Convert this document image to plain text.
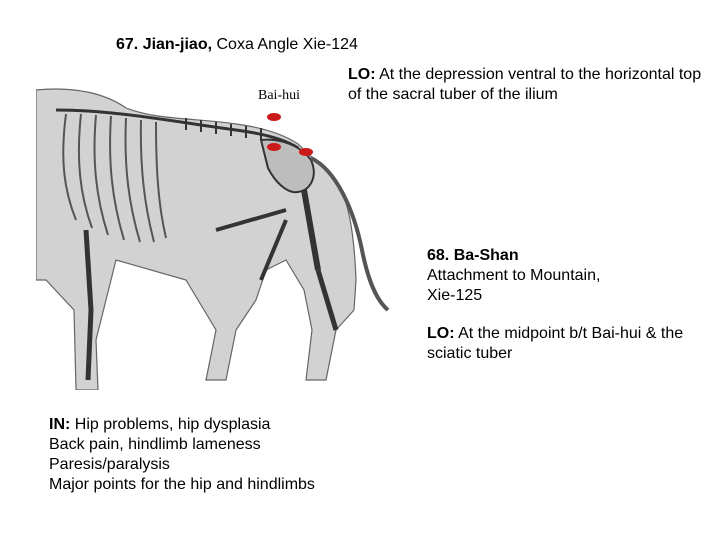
67. Jian-jiao, Coxa Angle Xie-124
LO: At the depression ventral to the horizontal top of the sacral tuber of the ilium
Bai-hui
68. Ba-Shan
Attachment to Mountain,
Xie-125
LO: At the midpoint b/t Bai-hui & the sciatic tuber
IN: Hip problems, hip dysplasia
Back pain, hindlimb lameness
Paresis/paralysis
Major points for the hip and hindlimbs
